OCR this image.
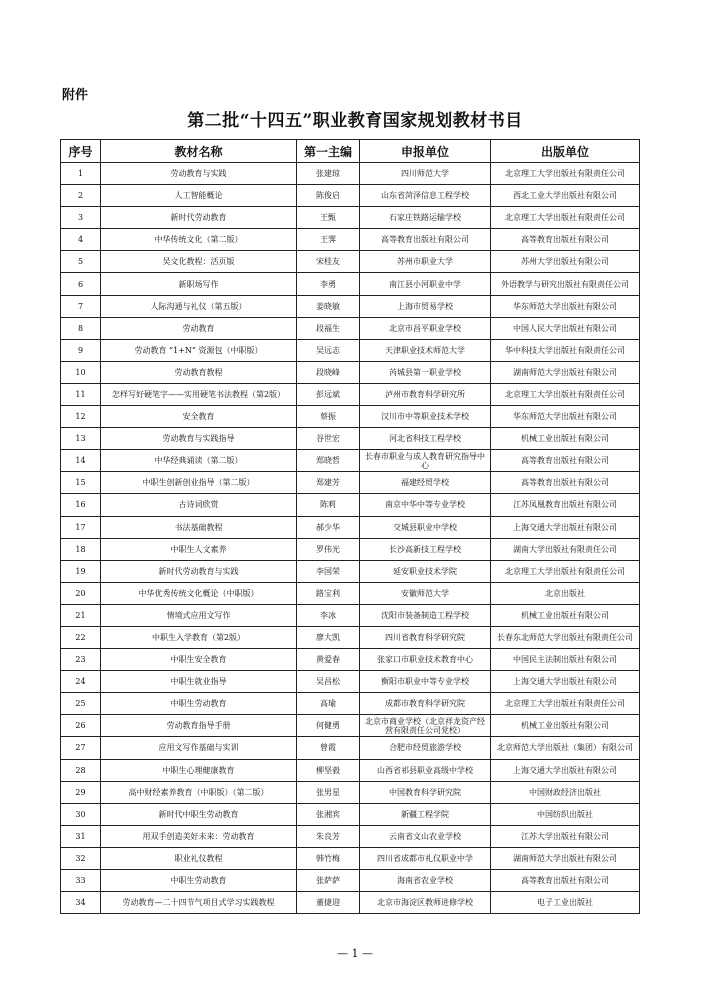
附件
第二批“十四五”职业教育国家规划教材书目
序号	教材名称	第一主编	申报单位	出版单位
1	劳动教育与实践	张建琼	四川师范大学	北京理工大学出版社有限责任公司
2	人工智能概论	陈俊启	山东省菏泽信息工程学校	西北工业大学出版社有限公司
3	新时代劳动教育	王甄	石家庄铁路运输学校	北京理工大学出版社有限责任公司
4	中华传统文化（第二版）	王霁	高等教育出版社有限公司	高等教育出版社有限公司
5	吴文化教程：活页版	宋桂友	苏州市职业大学	苏州大学出版社有限公司
6	新职场写作	李勇	南江县小河职业中学	外语教学与研究出版社有限责任公司
7	人际沟通与礼仪（第五版）	姜晓敏	上海市贸易学校	华东师范大学出版社有限公司
8	劳动教育	段福生	北京市昌平职业学校	中国人民大学出版社有限公司
9	劳动教育 “1+N” 资源包（中职版）	吴远志	天津职业技术师范大学	华中科技大学出版社有限责任公司
10	劳动教育教程	段晓峰	芮城县第一职业学校	湖南师范大学出版社有限公司
11	怎样写好硬笔字——实用硬笔书法教程（第2版）	彭远斌	泸州市教育科学研究所	北京理工大学出版社有限责任公司
12	安全教育	蔡振	汉川市中等职业技术学校	华东师范大学出版社有限公司
13	劳动教育与实践指导	谷世宏	河北省科技工程学校	机械工业出版社有限公司
14	中华经典诵读（第二版）	郑晓哲	长春市职业与成人教育研究指导中心	高等教育出版社有限公司
15	中职生创新创业指导（第二版）	郑建芳	福建经贸学校	高等教育出版社有限公司
16	古诗词欣赏	陈莉	南京中华中等专业学校	江苏凤凰教育出版社有限公司
17	书法基础教程	郝少华	交城县职业中学校	上海交通大学出版社有限公司
18	中职生人文素养	罗伟光	长沙高新技工程学校	湖南大学出版社有限责任公司
19	新时代劳动教育与实践	李国荣	延安职业技术学院	北京理工大学出版社有限责任公司
20	中华优秀传统文化概论（中职版）	路宝利	安徽师范大学	北京出版社
21	情境式应用文写作	李冰	沈阳市装备制造工程学校	机械工业出版社有限公司
22	中职生入学教育（第2版）	廖大凯	四川省教育科学研究院	长春东北师范大学出版社有限责任公司
23	中职生安全教育	黄爱春	张家口市职业技术教育中心	中国民主法制出版社有限公司
24	中职生就业指导	吴昌松	衡阳市职业中等专业学校	上海交通大学出版社有限公司
25	中职生劳动教育	高瑜	成都市教育科学研究院	北京理工大学出版社有限责任公司
26	劳动教育指导手册	何健勇	北京市商业学校（北京祥龙资产经营有限责任公司党校）	机械工业出版社有限公司
27	应用文写作基础与实训	曾霞	合肥市经贸旅游学校	北京师范大学出版社（集团）有限公司
28	中职生心理健康教育	柳坚毅	山西省祁县职业高级中学校	上海交通大学出版社有限公司
29	高中财经素养教育（中职版）（第二版）	张男星	中国教育科学研究院	中国财政经济出版社
30	新时代中职生劳动教育	张湘宾	新疆工程学院	中国纺织出版社
31	用双手创造美好未来：劳动教育	朱良芳	云南省文山农业学校	江苏大学出版社有限公司
32	职业礼仪教程	韩竹梅	四川省成都市礼仪职业中学	湖南师范大学出版社有限公司
33	中职生劳动教育	张萨萨	海南省农业学校	高等教育出版社有限公司
34	劳动教育—二十四节气项目式学习实践教程	董捷迎	北京市海淀区教师进修学校	电子工业出版社
— 1 —
